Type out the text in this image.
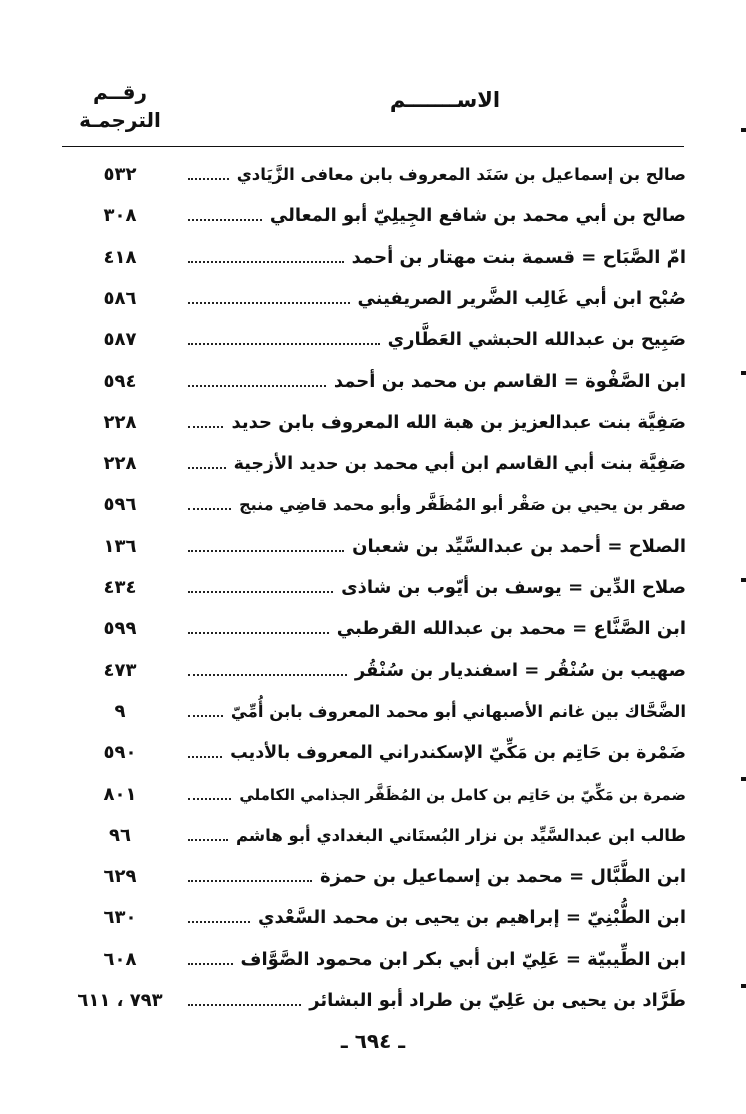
الاســـــــم
رقــم
الترجمـة
صالح بن إسماعيل بن سَنَد المعروف بابن معافى الزَّيَادي
٥٣٢
صالح بن أبي محمد بن شافع الجِيلِيّ أبو المعالي
٣٠٨
امّ الصَّبَاح = قسمة بنت مهتار بن أحمد
٤١٨
صُبْح ابن أبي غَالِب الضَّرير الصريفيني
٥٨٦
صَبِيح بن عبدالله الحبشي العَطَّاري
٥٨٧
ابن الصَّفْوة = القاسم بن محمد بن أحمد
٥٩٤
صَفِيَّة بنت عبدالعزيز بن هبة الله المعروف بابن حديد
٢٢٨
صَفِيَّة بنت أبي القاسم ابن أبي محمد بن حديد الأزجية
٢٢٨
صقر بن يحيي بن صَقْر أبو المُظَفَّر وأبو محمد قاضِي منبج
٥٩٦
الصلاح = أحمد بن عبدالسَّيِّد بن شعبان
١٣٦
صلاح الدِّين = يوسف بن أيّوب بن شاذى
٤٣٤
ابن الصَّنَّاع = محمد بن عبدالله القرطبي
٥٩٩
صهيب بن سُنْقُر = اسفنديار بن سُنْقُر
٤٧٣
الضَّحَّاك بين غانم الأصبهاني أبو محمد المعروف بابن أُمِّيّ
٩
ضَمْرة بن حَاتِم بن مَكِّيّ الإسكندراني المعروف بالأديب
٥٩٠
ضمرة بن مَكِّيّ بن حَاتِم بن كامل بن المُظَفَّر الجذامي الكاملي
٨٠١
طالب ابن عبدالسَّيِّد بن نزار البُستَاني البغدادي أبو هاشم
٩٦
ابن الطَّبَّال = محمد بن إسماعيل بن حمزة
٦٢٩
ابن الطُّبْنِيّ = إبراهيم بن يحيى بن محمد السَّعْدي
٦٣٠
ابن الطِّيبيّة = عَلِيّ ابن أبي بكر ابن محمود الصَّوَّاف
٦٠٨
طَرَّاد بن يحيى بن عَلِيّ بن طراد أبو البشائر
٧٩٣ ، ٦١١
ـ ٦٩٤ ـ
